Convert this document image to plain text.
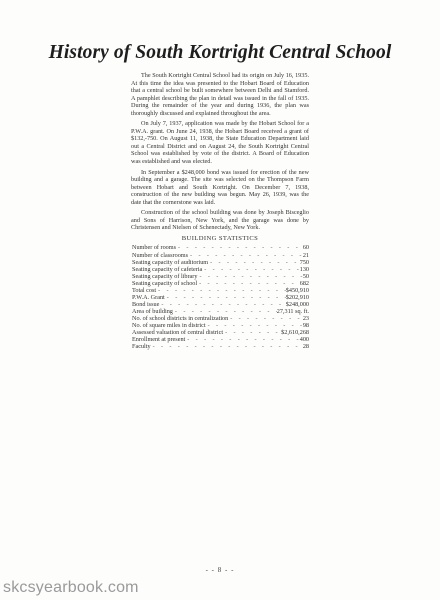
History of South Kortright Central School

The South Kortright Central School had its origin on July 16, 1935. At this time the idea was presented to the Hobart Board of Education that a central school be built somewhere between Delhi and Stamford. A pamphlet describing the plan in detail was issued in the fall of 1935. During the remainder of the year and during 1936, the plan was thoroughly discussed and explained throughout the area.

On July 7, 1937, application was made by the Hobart School for a P.W.A. grant. On June 24, 1938, the Hobart Board received a grant of $132,-750. On August 11, 1938, the State Education Department laid out a Central District and on August 24, the South Kortright Central School was established by vote of the district. A Board of Education was established and was elected.

In September a $248,000 bond was issued for erection of the new building and a garage. The site was selected on the Thompson Farm between Hobart and South Kortright. On December 7, 1938, construction of the new building was begun. May 26, 1939, was the date that the cornerstone was laid.

Construction of the school building was done by Joseph Bisceglio and Sons of Harrison, New York, and the garage was done by Christensen and Nielsen of Schenectady, New York.

BUILDING STATISTICS
Number of rooms - - -	60
Number of classrooms - - -	21
Seating capacity of auditorium - - -	750
Seating capacity of cafeteria - - -	130
Seating capacity of library - - -	50
Seating capacity of school - - -	682
Total cost - - -	$450,910
P.W.A. Grant - - -	$202,910
Bond issue - - -	$248,000
Area of building - - -	27,311 sq. ft.
No. of school districts in centralization - - -	23
No. of square miles in district - - -	98
Assessed valuation of central district - - -	$2,610,268
Enrollment at present - - -	400
Faculty - - -	28
- - 8 - -
skcsyearbook.com
